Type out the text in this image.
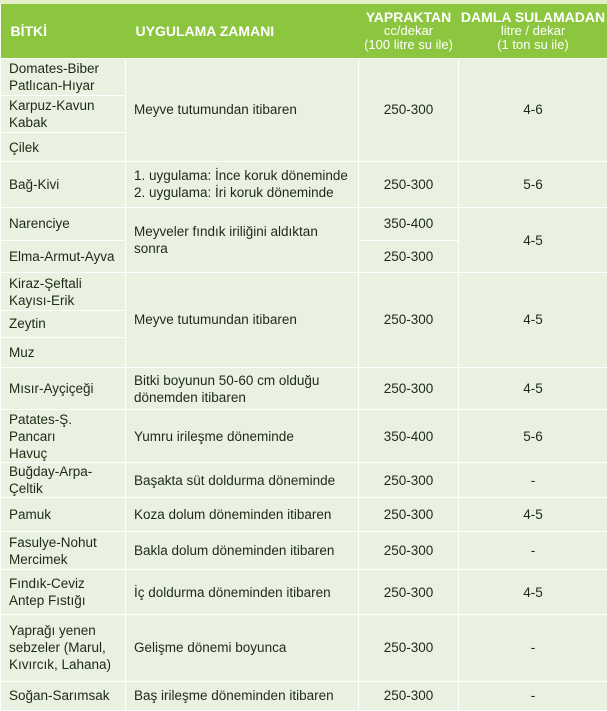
BİTKİ	UYGULAMA ZAMANI	YAPRAKTAN
cc/dekar
(100 litre su ile)	DAMLA SULAMADAN
litre / dekar
(1 ton su ile)

Domates-Biber
Patlıcan-Hıyar	Meyve tutumundan itibaren	250-300	4-6

Karpuz-Kavun
Kabak			

Çilek			
Bağ-Kivi	1. uygulama: İnce koruk döneminde
2. uygulama: İri koruk döneminde	250-300	5-6
Narenciye	Meyveler fındık iriliğini aldıktan sonra	350-400	4-5
Elma-Armut-Ayva		250-300	

Kiraz-Şeftali
Kayısı-Erik	Meyve tutumundan itibaren	250-300	4-5
Zeytin			
Muz			
Mısır-Ayçiçeği	Bitki boyunun 50-60 cm olduğu
dönemden itibaren	250-300	4-5

Patates-Ş. Pancarı
Havuç	Yumru irileşme döneminde	350-400	5-6
Buğday-Arpa-Çeltik	Başakta süt doldurma döneminde	250-300	-
Pamuk	Koza dolum döneminden itibaren	250-300	4-5

Fasulye-Nohut
Mercimek	Bakla dolum döneminden itibaren	250-300	-

Fındık-Ceviz
Antep Fıstığı	İç doldurma döneminden itibaren	250-300	4-5

Yaprağı yenen
sebzeler (Marul,
Kıvırcık, Lahana)	Gelişme dönemi boyunca	250-300	-
Soğan-Sarımsak	Baş irileşme döneminden itibaren	250-300	-
